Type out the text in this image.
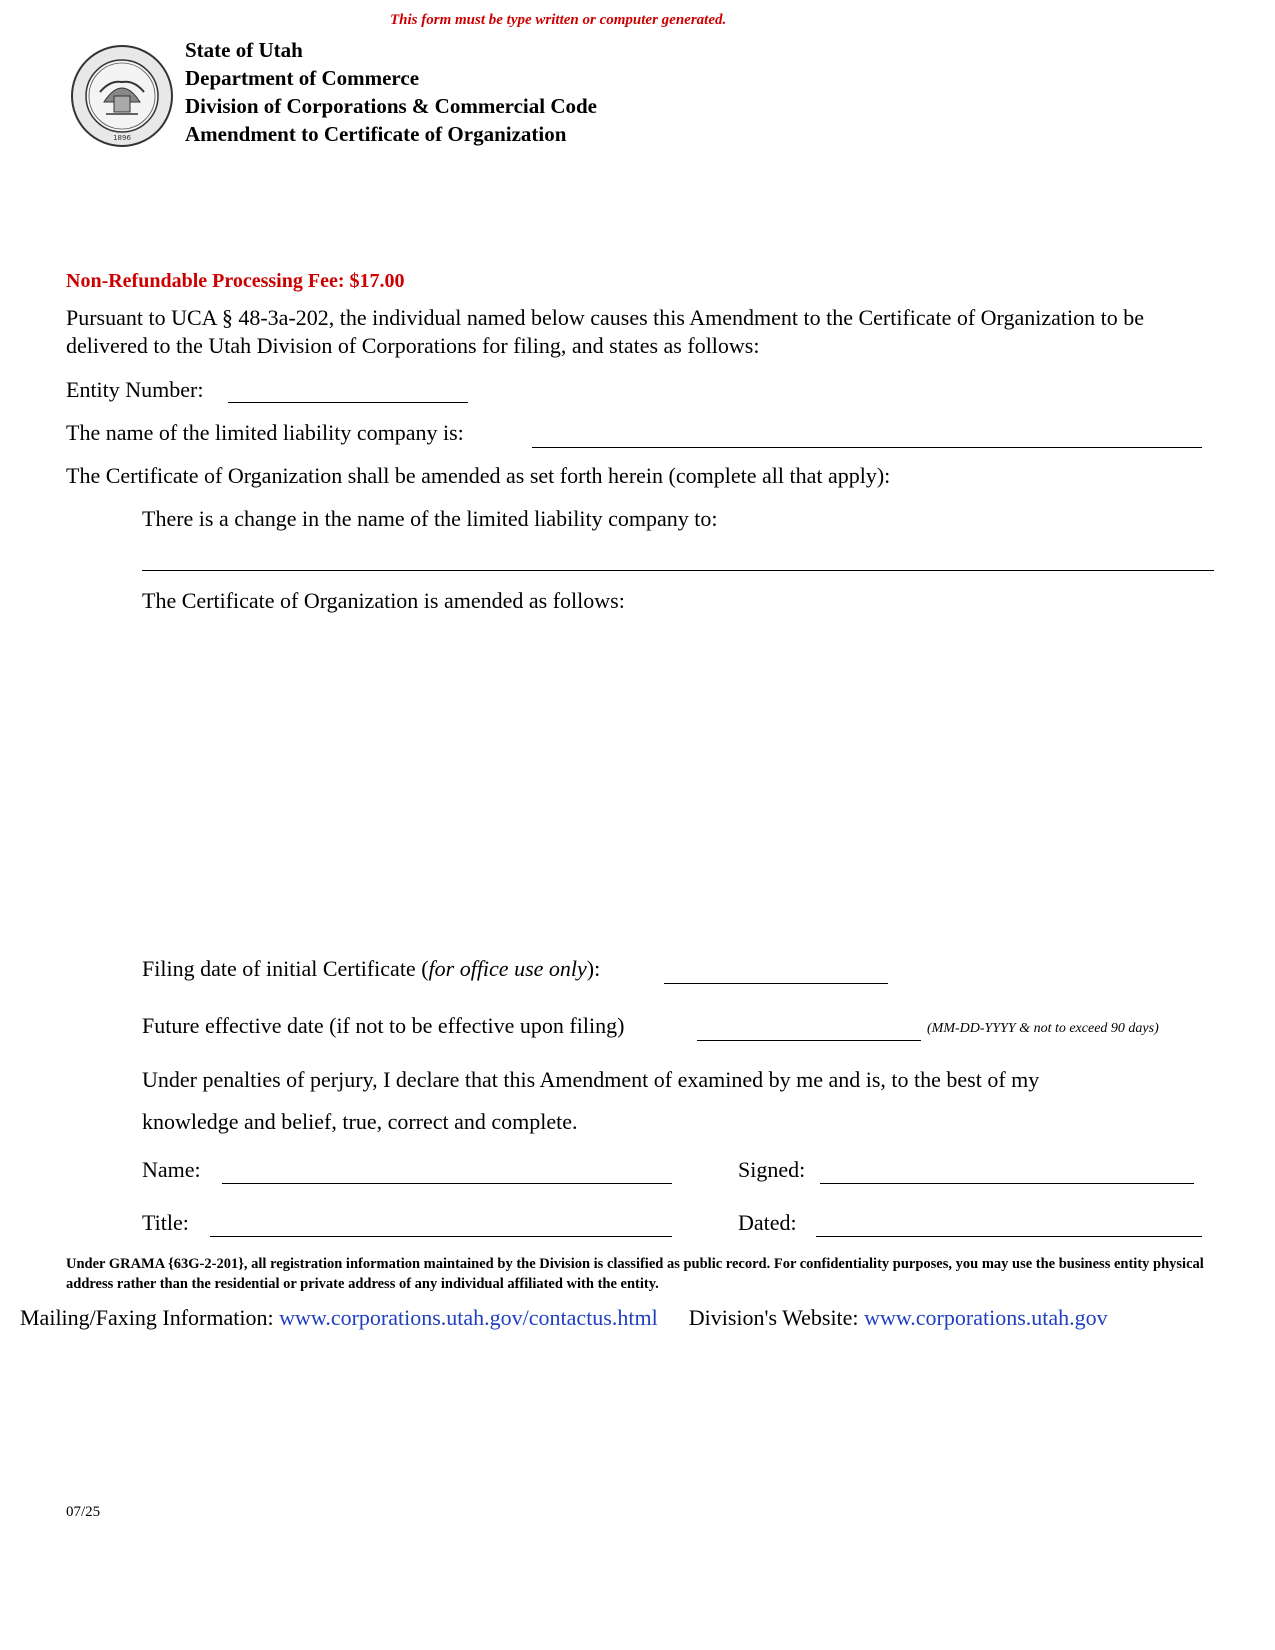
This form must be type written or computer generated.
1896
State of Utah
Department of Commerce
Division of Corporations & Commercial Code
Amendment to Certificate of Organization
Non-Refundable Processing Fee: $17.00
Pursuant to UCA § 48-3a-202, the individual named below causes this Amendment to the Certificate of Organization to be delivered to the Utah Division of Corporations for filing, and states as follows:
Entity Number:
The name of the limited liability company is:
The Certificate of Organization shall be amended as set forth herein (complete all that apply):
There is a change in the name of the limited liability company to:
The Certificate of Organization is amended as follows:
Filing date of initial Certificate (for office use only):
Future effective date (if not to be effective upon filing)	(MM-DD-YYYY & not to exceed 90 days)
Under penalties of perjury, I declare that this Amendment of examined by me and is, to the best of my
knowledge and belief, true, correct and complete.
Name:	Signed:
Title:	Dated:
Under GRAMA {63G-2-201}, all registration information maintained by the Division is classified as public record. For confidentiality purposes, you may use the business entity physical address rather than the residential or private address of any individual affiliated with the entity.
Mailing/Faxing Information: www.corporations.utah.gov/contactus.html Division's Website: www.corporations.utah.gov
07/25
